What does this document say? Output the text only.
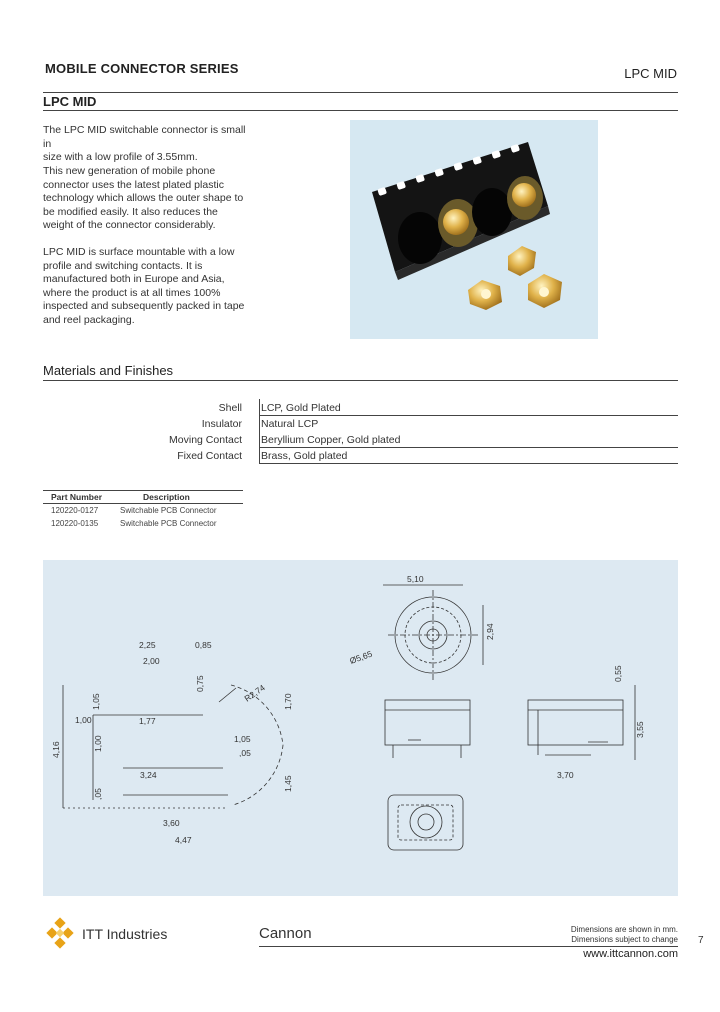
MOBILE CONNECTOR SERIES	LPC MID
LPC MID
The LPC MID switchable connector is small in
size with a low profile of 3.55mm.
This new generation of mobile phone
connector uses the latest plated plastic
technology which allows the outer shape to
be modified easily. It also reduces the
weight of the connector considerably.
LPC MID is surface mountable with a low
profile and switching contacts. It is
manufactured both in Europe and Asia,
where the product is at all times 100%
inspected and subsequently packed in tape
and reel packaging.
Materials and Finishes
Shell LCP, Gold Plated
Insulator Natural LCP
Moving Contact Beryllium Copper, Gold plated
Fixed Contact Brass, Gold plated
Part Number	Description
120220-0127	Switchable PCB Connector
120220-0135	Switchable PCB Connector
2,25	0,85
2,00
0,75	R2,74
1,05	1,70
1,00	1,77
4,16	1,00	1,05
,05
3,24
,05
1,45
3,60
4,47
5,10
2,94
Ø5,65
0,55
3,55
3,70
ITT Industries	Cannon	Dimensions are shown in mm.
Dimensions subject to change 7
www.ittcannon.com
